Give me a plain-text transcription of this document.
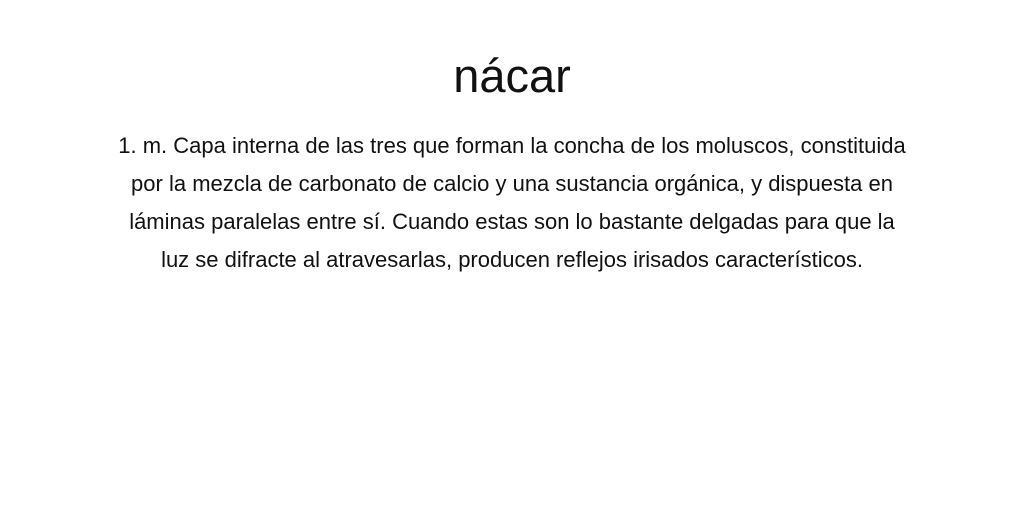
nácar

1. m. Capa interna de las tres que forman la concha de los moluscos, constituida
por la mezcla de carbonato de calcio y una sustancia orgánica, y dispuesta en
láminas paralelas entre sí. Cuando estas son lo bastante delgadas para que la
luz se difracte al atravesarlas, producen reflejos irisados característicos.
